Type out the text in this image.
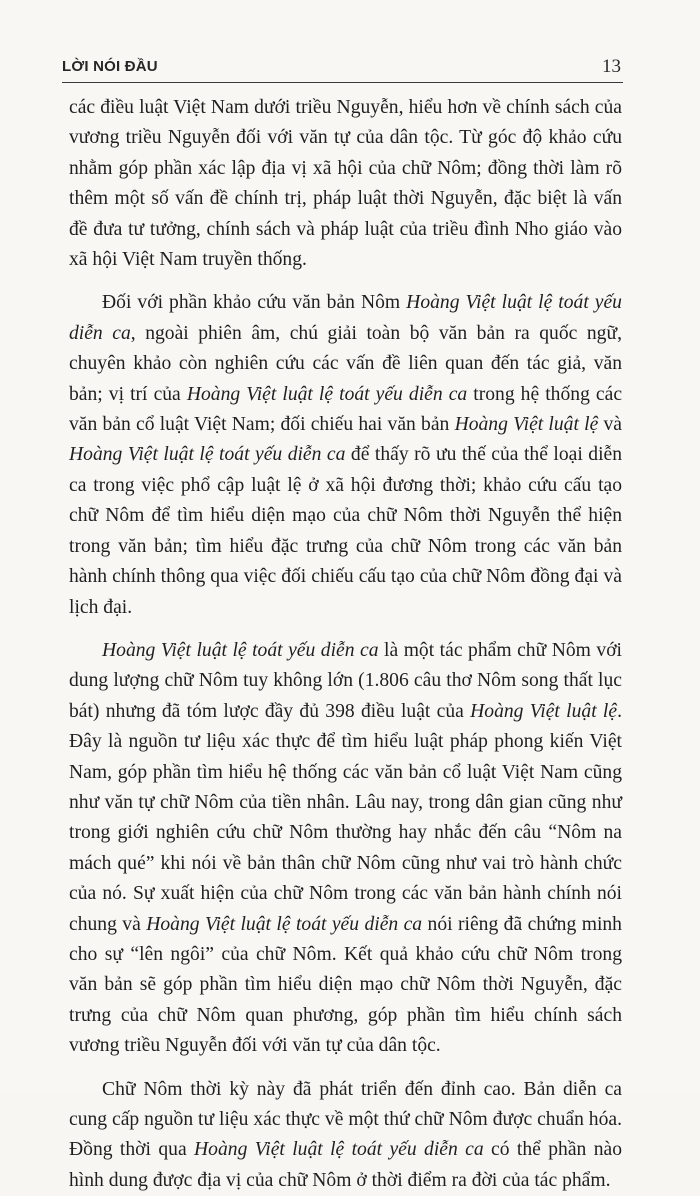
LỜI NÓI ĐẦU	13

các điều luật Việt Nam dưới triều Nguyễn, hiểu hơn về chính sách của vương triều Nguyễn đối với văn tự của dân tộc. Từ góc độ khảo cứu nhằm góp phần xác lập địa vị xã hội của chữ Nôm; đồng thời làm rõ thêm một số vấn đề chính trị, pháp luật thời Nguyễn, đặc biệt là vấn đề đưa tư tưởng, chính sách và pháp luật của triều đình Nho giáo vào xã hội Việt Nam truyền thống.

Đối với phần khảo cứu văn bản Nôm Hoàng Việt luật lệ toát yếu diễn ca, ngoài phiên âm, chú giải toàn bộ văn bản ra quốc ngữ, chuyên khảo còn nghiên cứu các vấn đề liên quan đến tác giả, văn bản; vị trí của Hoàng Việt luật lệ toát yếu diễn ca trong hệ thống các văn bản cổ luật Việt Nam; đối chiếu hai văn bản Hoàng Việt luật lệ và Hoàng Việt luật lệ toát yếu diễn ca để thấy rõ ưu thế của thể loại diễn ca trong việc phổ cập luật lệ ở xã hội đương thời; khảo cứu cấu tạo chữ Nôm để tìm hiểu diện mạo của chữ Nôm thời Nguyễn thể hiện trong văn bản; tìm hiểu đặc trưng của chữ Nôm trong các văn bản hành chính thông qua việc đối chiếu cấu tạo của chữ Nôm đồng đại và lịch đại.

Hoàng Việt luật lệ toát yếu diễn ca là một tác phẩm chữ Nôm với dung lượng chữ Nôm tuy không lớn (1.806 câu thơ Nôm song thất lục bát) nhưng đã tóm lược đầy đủ 398 điều luật của Hoàng Việt luật lệ. Đây là nguồn tư liệu xác thực để tìm hiểu luật pháp phong kiến Việt Nam, góp phần tìm hiểu hệ thống các văn bản cổ luật Việt Nam cũng như văn tự chữ Nôm của tiền nhân. Lâu nay, trong dân gian cũng như trong giới nghiên cứu chữ Nôm thường hay nhắc đến câu “Nôm na mách qué” khi nói về bản thân chữ Nôm cũng như vai trò hành chức của nó. Sự xuất hiện của chữ Nôm trong các văn bản hành chính nói chung và Hoàng Việt luật lệ toát yếu diễn ca nói riêng đã chứng minh cho sự “lên ngôi” của chữ Nôm. Kết quả khảo cứu chữ Nôm trong văn bản sẽ góp phần tìm hiểu diện mạo chữ Nôm thời Nguyễn, đặc trưng của chữ Nôm quan phương, góp phần tìm hiểu chính sách vương triều Nguyễn đối với văn tự của dân tộc.

Chữ Nôm thời kỳ này đã phát triển đến đỉnh cao. Bản diễn ca cung cấp nguồn tư liệu xác thực về một thứ chữ Nôm được chuẩn hóa. Đồng thời qua Hoàng Việt luật lệ toát yếu diễn ca có thể phần nào hình dung được địa vị của chữ Nôm ở thời điểm ra đời của tác phẩm.
